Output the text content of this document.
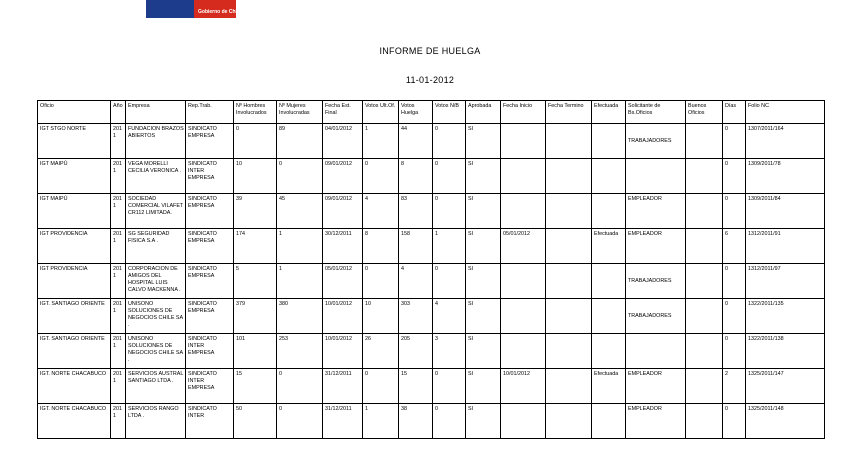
Gobierno de Chile
INFORME DE HUELGA
11-01-2012
Oficio	Año	Empresa	Rep.Trab.	Nº Hombres Involucrados	Nº Mujeres Involucradas	Fecha Est. Final	Votos Ult.Of.	Votos Huelga	Votos N/B	Aprobada	Fecha Inicio	Fecha Termino	Efectuada	Solicitante de Bs.Oficios	Buenos Oficios	Días	Folio NC
IGT STGO NORTE	2011	FUNDACION BRAZOS ABIERTOS	SINDICATO EMPRESA	0	89	04/01/2012	1	44	0	SI				TRABAJADORES		0	1307/2011/164
IGT MAIPÚ	2011	VEGA MORELLI CECILIA VERONICA .	SINDICATO INTER EMPRESA	10	0	09/01/2012	0	8	0	SI						0	1309/2011/78
IGT MAIPÚ	2011	SOCIEDAD COMERCIAL VILAFET CR112 LIMITADA.	SINDICATO EMPRESA	39	45	09/01/2012	4	83	0	SI				EMPLEADOR		0	1309/2011/84
IGT PROVIDENCIA	2011	SG SEGURIDAD FISICA S.A .	SINDICATO EMPRESA	174	1	30/12/2011	8	158	1	SI	05/01/2012		Efectuada	EMPLEADOR		6	1312/2011/91
IGT PROVIDENCIA	2011	CORPORACION DE AMIGOS DEL HOSPITAL LUIS CALVO MACKENNA .	SINDICATO EMPRESA	5	1	05/01/2012	0	4	0	SI				TRABAJADORES		0	1312/2011/97
IGT. SANTIAGO ORIENTE	2011	UNISONO SOLUCIONES DE NEGOCIOS CHILE SA .	SINDICATO EMPRESA	379	380	10/01/2012	10	303	4	SI				TRABAJADORES		0	1322/2011/135
IGT. SANTIAGO ORIENTE	2011	UNISONO SOLUCIONES DE NEGOCIOS CHILE SA .	SINDICATO INTER EMPRESA	101	253	10/01/2012	26	205	3	SI						0	1322/2011/138
IGT. NORTE CHACABUCO	2011	SERVICIOS AUSTRAL SANTIAGO LTDA .	SINDICATO INTER EMPRESA	15	0	31/12/2011	0	15	0	SI	10/01/2012		Efectuada	EMPLEADOR		2	1325/2011/147
IGT. NORTE CHACABUCO	2011	SERVICIOS RANGO LTDA .	SINDICATO INTER	50	0	31/12/2011	1	38	0	SI				EMPLEADOR		0	1325/2011/148
